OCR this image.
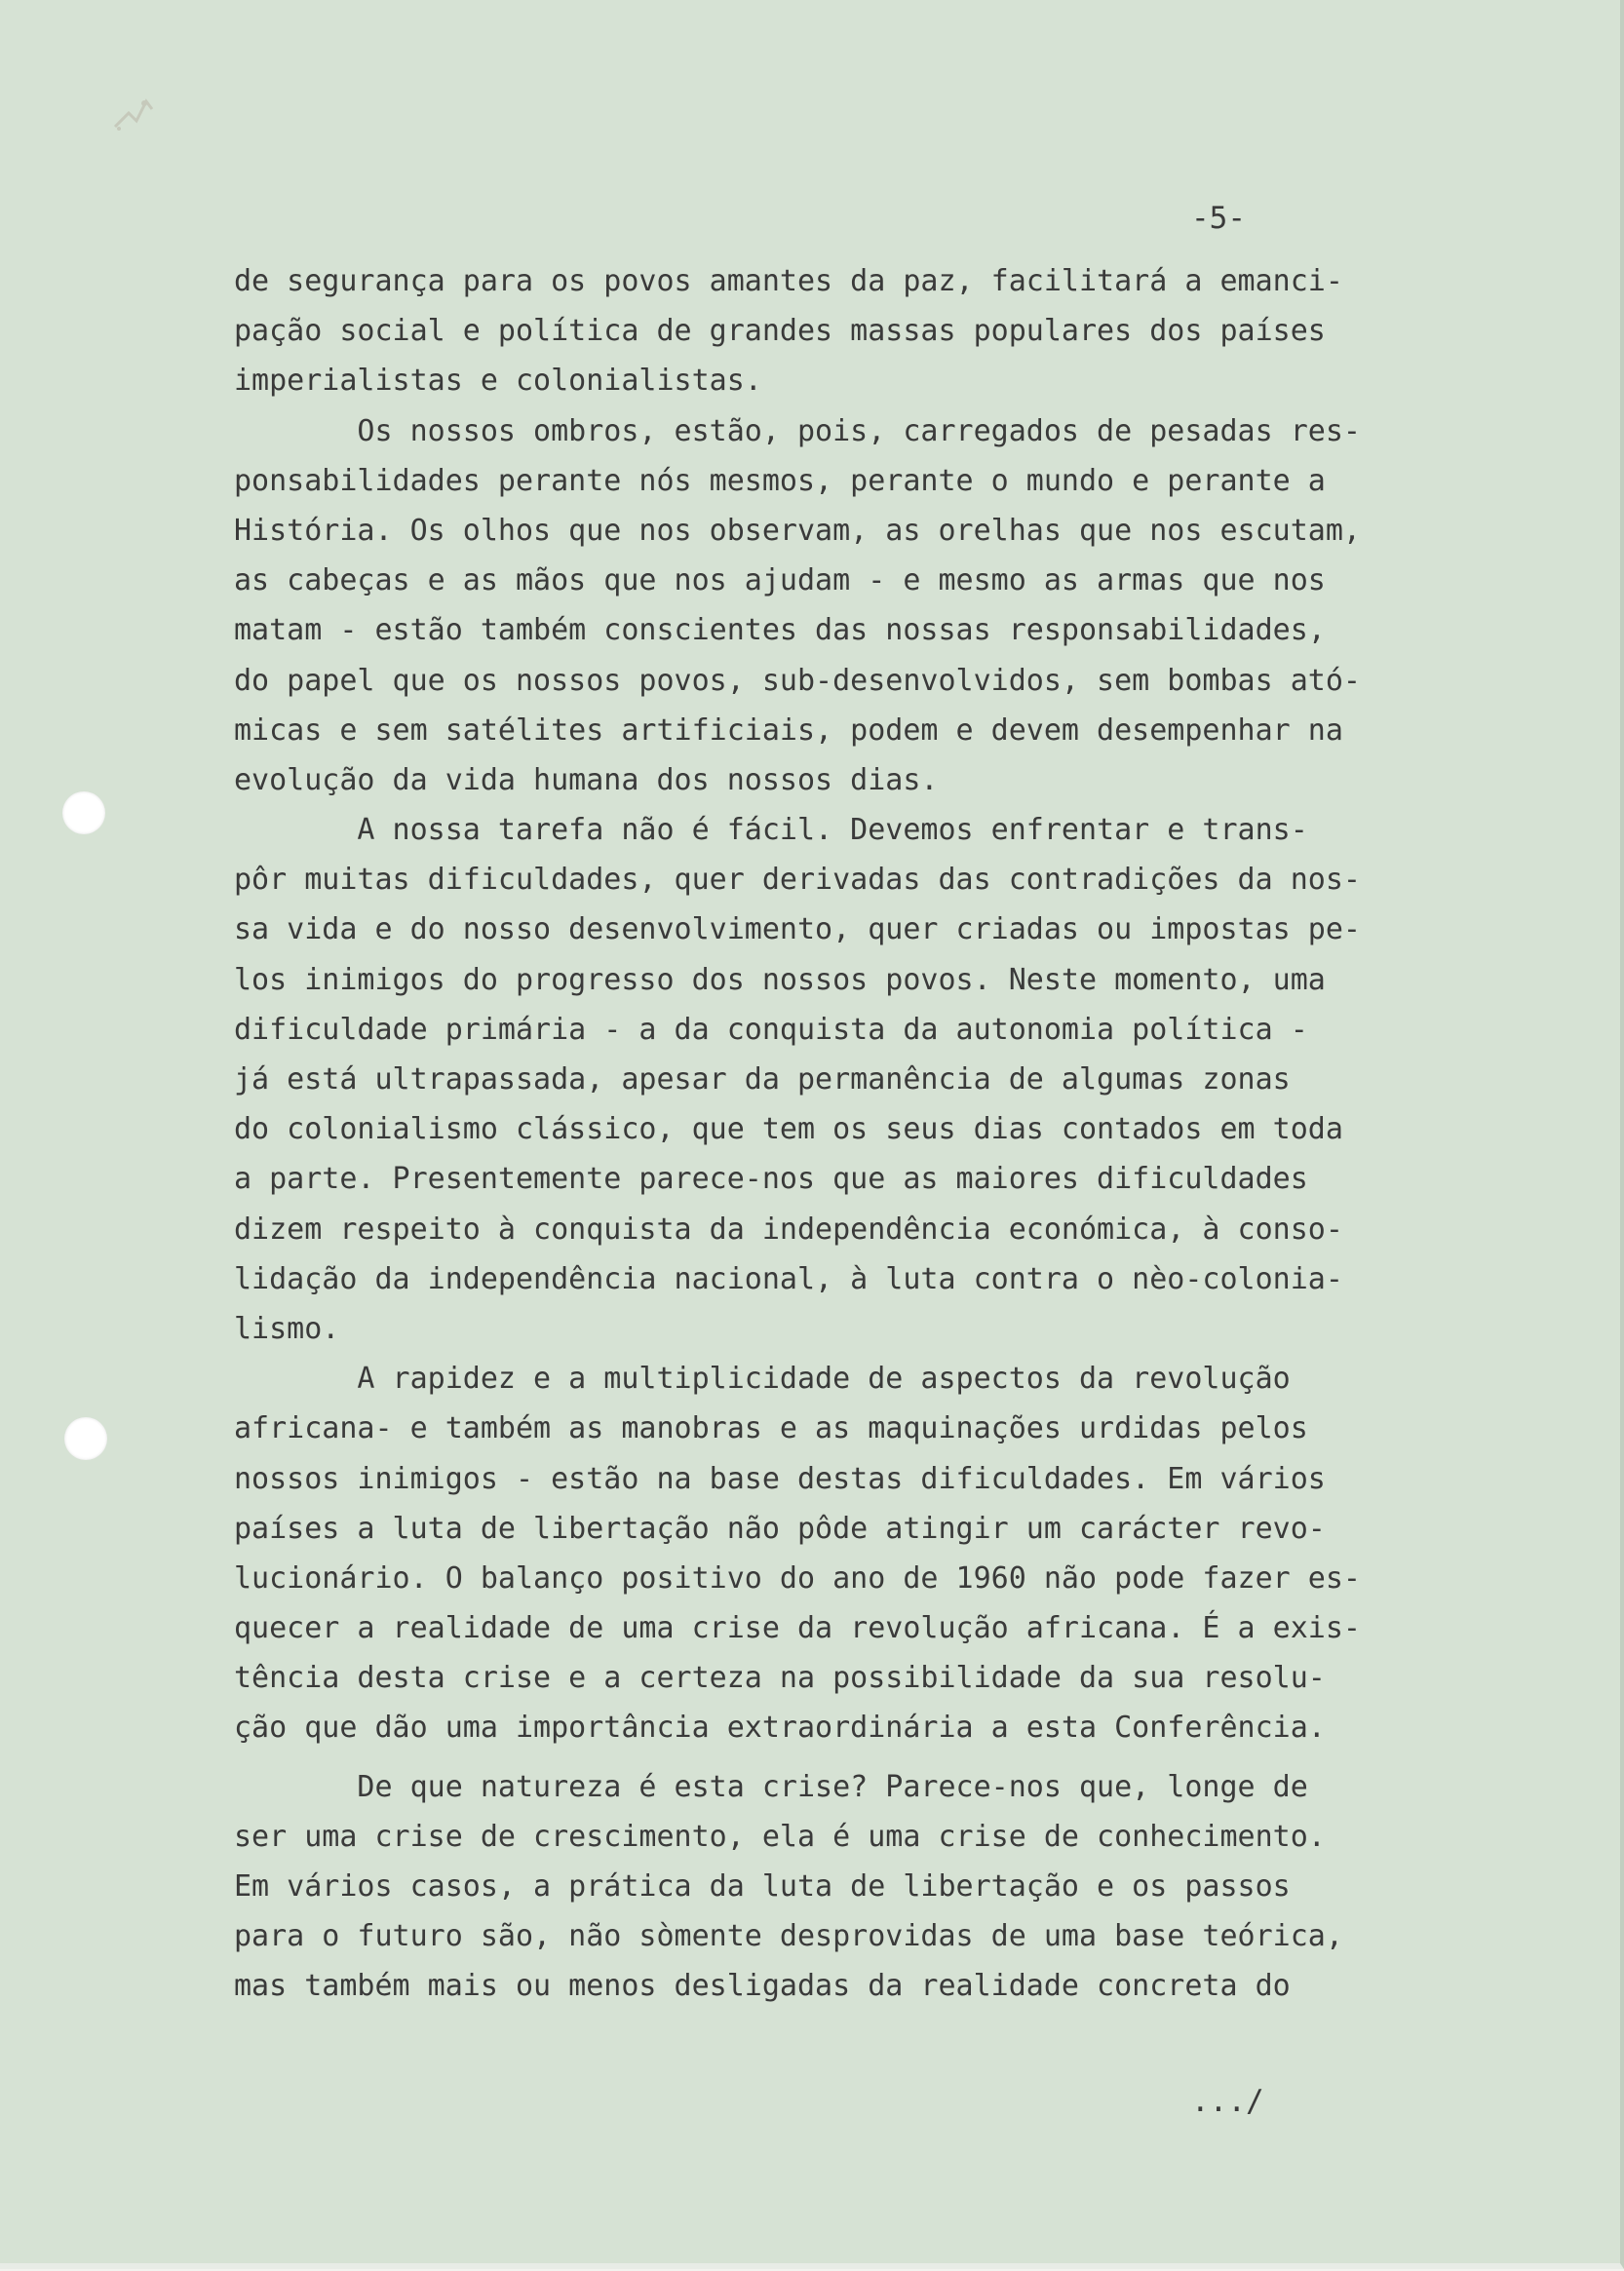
-5-

de segurança para os povos amantes da paz, facilitará a emanci-

pação social e política de grandes massas populares dos países

imperialistas e colonialistas.

Os nossos ombros, estão, pois, carregados de pesadas res-

ponsabilidades perante nós mesmos, perante o mundo e perante a

História. Os olhos que nos observam, as orelhas que nos escutam,

as cabeças e as mãos que nos ajudam - e mesmo as armas que nos

matam - estão também conscientes das nossas responsabilidades,

do papel que os nossos povos, sub-desenvolvidos, sem bombas ató-

micas e sem satélites artificiais, podem e devem desempenhar na

evolução da vida humana dos nossos dias.

A nossa tarefa não é fácil. Devemos enfrentar e trans-

pôr muitas dificuldades, quer derivadas das contradições da nos-

sa vida e do nosso desenvolvimento, quer criadas ou impostas pe-

los inimigos do progresso dos nossos povos. Neste momento, uma

dificuldade primária - a da conquista da autonomia política -

já está ultrapassada, apesar da permanência de algumas zonas

do colonialismo clássico, que tem os seus dias contados em toda

a parte. Presentemente parece-nos que as maiores dificuldades

dizem respeito à conquista da independência económica, à conso-

lidação da independência nacional, à luta contra o nèo-colonia-

lismo.

A rapidez e a multiplicidade de aspectos da revolução

africana- e também as manobras e as maquinações urdidas pelos

nossos inimigos - estão na base destas dificuldades. Em vários

países a luta de libertação não pôde atingir um carácter revo-

lucionário. O balanço positivo do ano de 1960 não pode fazer es-

quecer a realidade de uma crise da revolução africana. É a exis-

tência desta crise e a certeza na possibilidade da sua resolu-

ção que dão uma importância extraordinária a esta Conferência.

De que natureza é esta crise? Parece-nos que, longe de

ser uma crise de crescimento, ela é uma crise de conhecimento.

Em vários casos, a prática da luta de libertação e os passos

para o futuro são, não sòmente desprovidas de uma base teórica,

mas também mais ou menos desligadas da realidade concreta do

.../
